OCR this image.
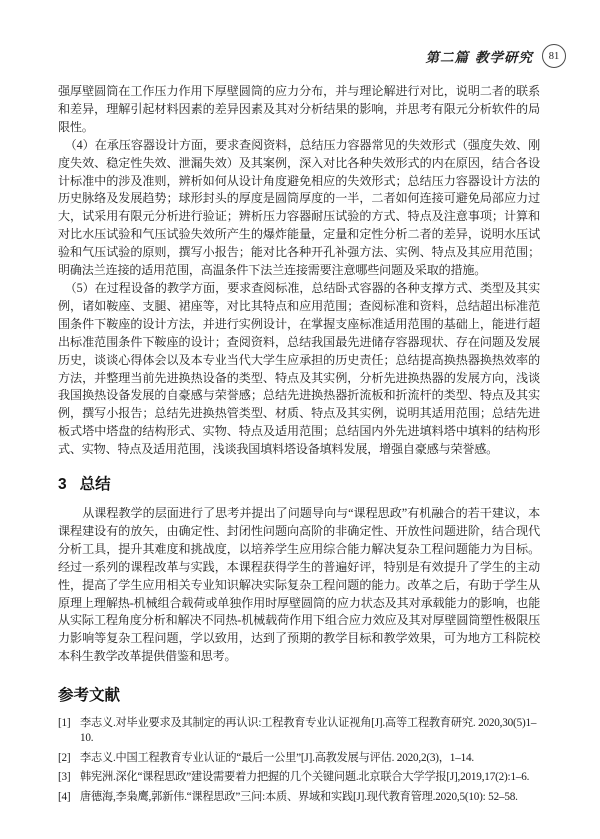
第二篇 教学研究 81

强厚壁圆筒在工作压力作用下厚壁圆筒的应力分布，并与理论解进行对比，说明二者的联系和差异，理解引起材料因素的差异因素及其对分析结果的影响，并思考有限元分析软件的局限性。

（4）在承压容器设计方面，要求查阅资料，总结压力容器常见的失效形式（强度失效、刚度失效、稳定性失效、泄漏失效）及其案例，深入对比各种失效形式的内在原因，结合各设计标准中的涉及准则，辨析如何从设计角度避免相应的失效形式；总结压力容器设计方法的历史脉络及发展趋势；球形封头的厚度是圆筒厚度的一半，二者如何连接可避免局部应力过大，试采用有限元分析进行验证；辨析压力容器耐压试验的方式、特点及注意事项；计算和对比水压试验和气压试验失效所产生的爆炸能量，定量和定性分析二者的差异，说明水压试验和气压试验的原则，撰写小报告；能对比各种开孔补强方法、实例、特点及其应用范围；明确法兰连接的适用范围，高温条件下法兰连接需要注意哪些问题及采取的措施。

（5）在过程设备的教学方面，要求查阅标准，总结卧式容器的各种支撑方式、类型及其实例，诸如鞍座、支腿、裙座等，对比其特点和应用范围；查阅标准和资料，总结超出标准范围条件下鞍座的设计方法，并进行实例设计，在掌握支座标准适用范围的基础上，能进行超出标准范围条件下鞍座的设计；查阅资料，总结我国最先进储存容器现状、存在问题及发展历史，谈谈心得体会以及本专业当代大学生应承担的历史责任；总结提高换热器换热效率的方法，并整理当前先进换热设备的类型、特点及其实例，分析先进换热器的发展方向，浅谈我国换热设备发展的自豪感与荣誉感；总结先进换热器折流板和折流杆的类型、特点及其实例，撰写小报告；总结先进换热管类型、材质、特点及其实例，说明其适用范围；总结先进板式塔中塔盘的结构形式、实物、特点及适用范围；总结国内外先进填料塔中填料的结构形式、实物、特点及适用范围，浅谈我国填料塔设备填料发展，增强自豪感与荣誉感。

3 总结

从课程教学的层面进行了思考并提出了问题导向与“课程思政”有机融合的若干建议，本课程建设有的放矢，由确定性、封闭性问题向高阶的非确定性、开放性问题进阶，结合现代分析工具，提升其难度和挑战度，以培养学生应用综合能力解决复杂工程问题能力为目标。经过一系列的课程改革与实践，本课程获得学生的普遍好评，特别是有效提升了学生的主动性，提高了学生应用相关专业知识解决实际复杂工程问题的能力。改革之后，有助于学生从原理上理解热-机械组合载荷或单独作用时厚壁圆筒的应力状态及其对承载能力的影响，也能从实际工程角度分析和解决不同热-机械载荷作用下组合应力效应及其对厚壁圆筒塑性极限压力影响等复杂工程问题，学以致用，达到了预期的教学目标和教学效果，可为地方工科院校本科生教学改革提供借鉴和思考。

参考文献
[1] 李志义.对毕业要求及其制定的再认识:工程教育专业认证视角[J].高等工程教育研究. 2020,30(5)1–10.
[2] 李志义.中国工程教育专业认证的“最后一公里”[J].高教发展与评估. 2020,2(3)，1–14.
[3] 韩宪洲.深化“课程思政”建设需要着力把握的几个关键问题.北京联合大学学报[J],2019,17(2):1–6.
[4] 唐德海,李枭鹰,郭新伟.“课程思政”三问:本质、界域和实践[J].现代教育管理.2020,5(10): 52–58.
